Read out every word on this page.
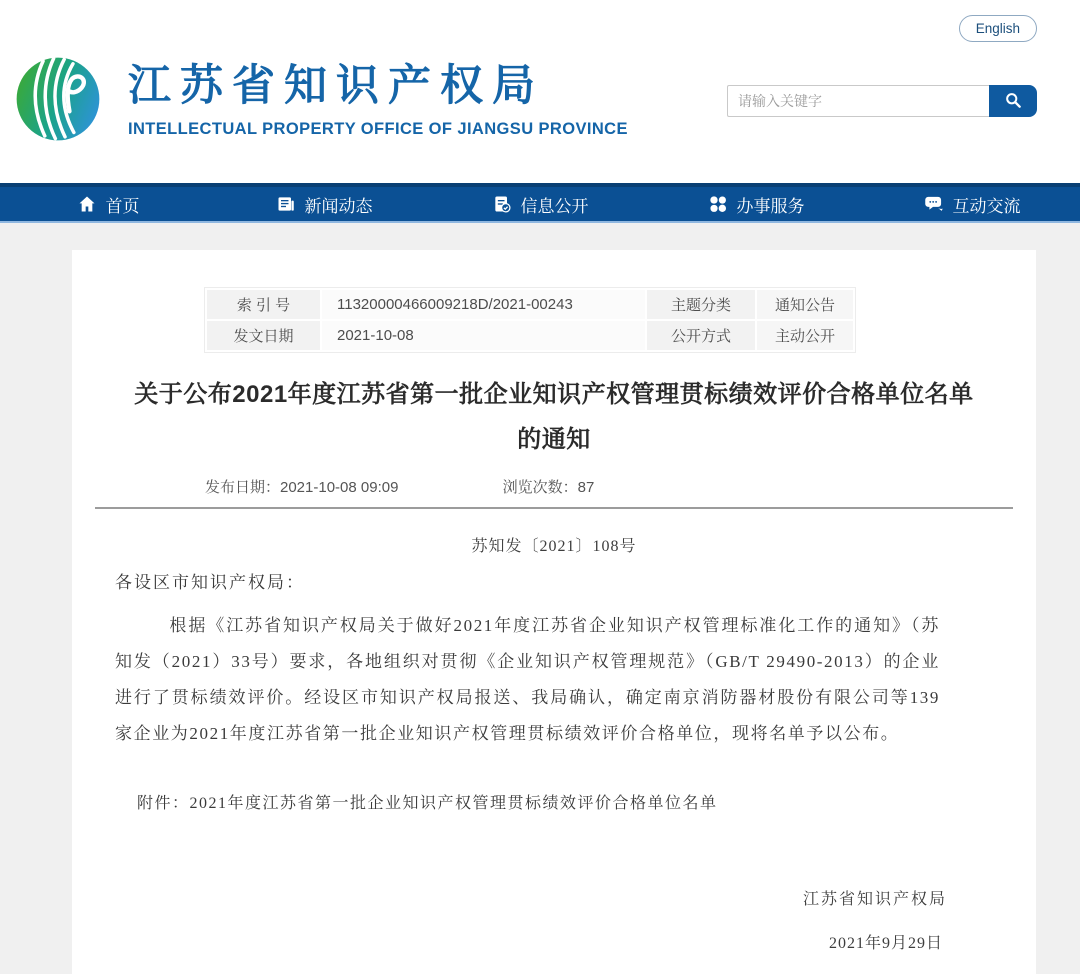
English
江苏省知识产权局
INTELLECTUAL PROPERTY OFFICE OF JIANGSU PROVINCE
请输入关键字
首页	新闻动态	信息公开	办事服务	互动交流
索 引 号	11320000466009218D/2021-00243	主题分类	通知公告
发文日期	2021-10-08	公开方式	主动公开
关于公布2021年度江苏省第一批企业知识产权管理贯标绩效评价合格单位名单的通知
发布日期：2021-10-08 09:09	浏览次数：87
苏知发〔2021〕108号

各设区市知识产权局：

根据《江苏省知识产权局关于做好2021年度江苏省企业知识产权管理标准化工作的通知》（苏知发（2021）33号）要求，各地组织对贯彻《企业知识产权管理规范》（GB/T 29490-2013）的企业进行了贯标绩效评价。经设区市知识产权局报送、我局确认，确定南京消防器材股份有限公司等139家企业为2021年度江苏省第一批企业知识产权管理贯标绩效评价合格单位，现将名单予以公布。

附件：2021年度江苏省第一批企业知识产权管理贯标绩效评价合格单位名单

江苏省知识产权局
2021年9月29日
